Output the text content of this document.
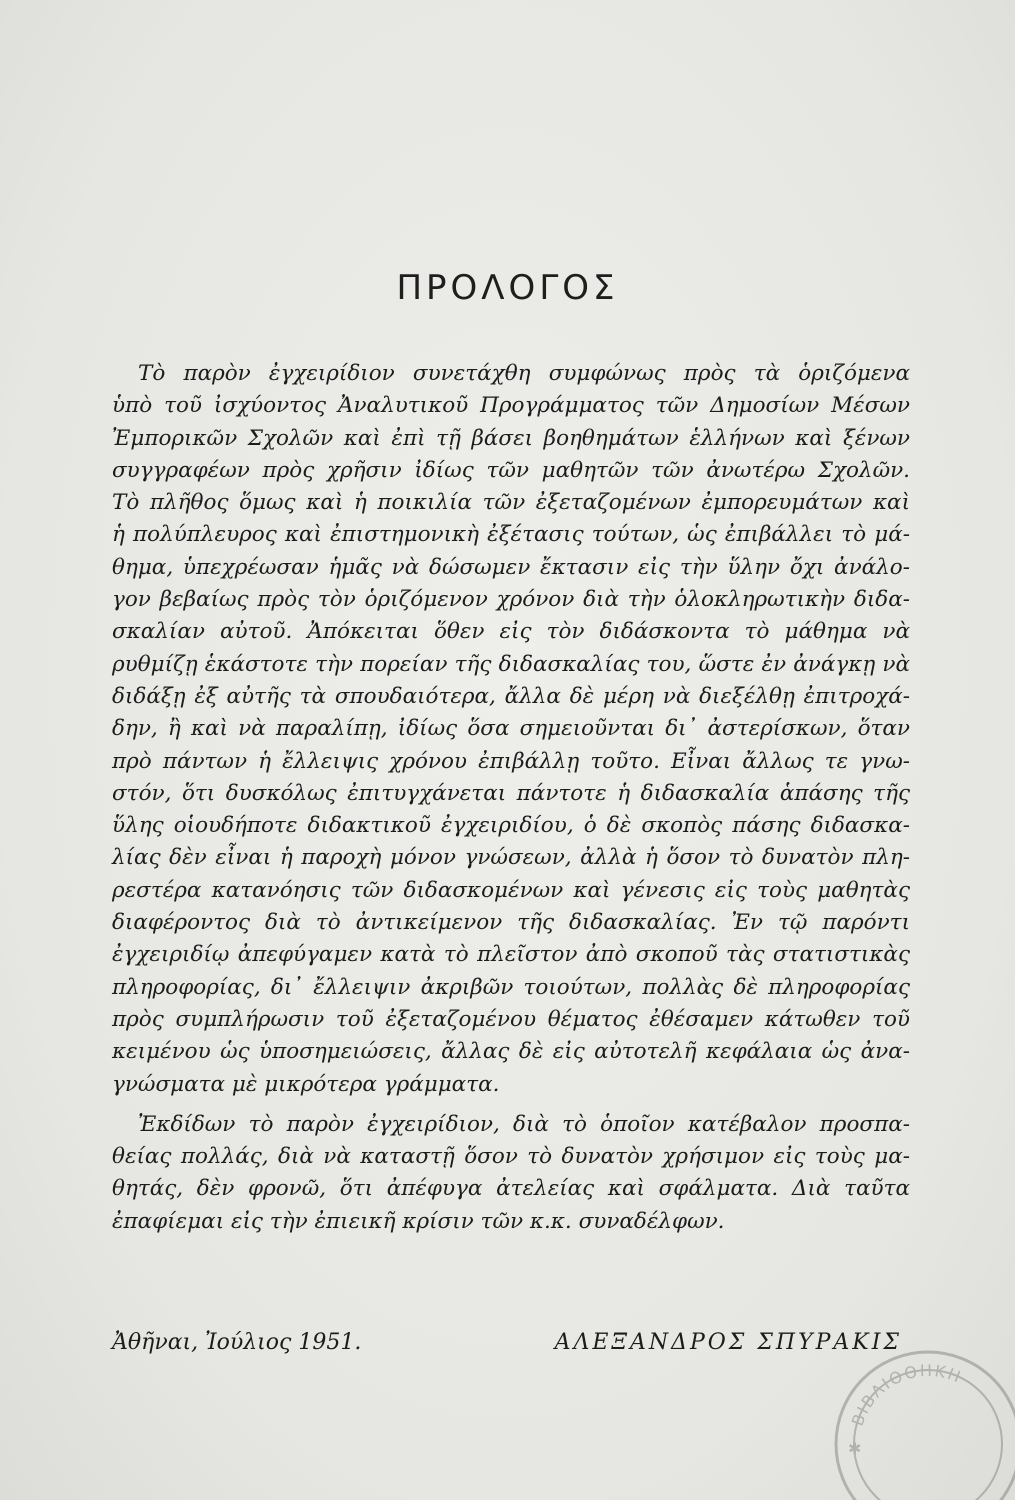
ΠΡΟΛΟΓΟΣ
Τὸ παρὸν ἐγχειρίδιον συνετάχθη συμφώνως πρὸς τὰ ὁριζόμενα
ὑπὸ τοῦ ἰσχύοντος Ἀναλυτικοῦ Προγράμματος τῶν Δημοσίων Μέσων
Ἐμπορικῶν Σχολῶν καὶ ἐπὶ τῇ βάσει βοηθημάτων ἑλλήνων καὶ ξένων
συγγραφέων πρὸς χρῆσιν ἰδίως τῶν μαθητῶν τῶν ἀνωτέρω Σχολῶν.
Τὸ πλῆθος ὅμως καὶ ἡ ποικιλία τῶν ἐξεταζομένων ἐμπορευμάτων καὶ
ἡ πολύπλευρος καὶ ἐπιστημονικὴ ἐξέτασις τούτων, ὡς ἐπιβάλλει τὸ μά-
θημα, ὑπεχρέωσαν ἡμᾶς νὰ δώσωμεν ἔκτασιν εἰς τὴν ὕλην ὄχι ἀνάλο-
γον βεβαίως πρὸς τὸν ὁριζόμενον χρόνον διὰ τὴν ὁλοκληρωτικὴν διδα-
σκαλίαν αὐτοῦ. Ἀπόκειται ὅθεν εἰς τὸν διδάσκοντα τὸ μάθημα νὰ
ρυθμίζῃ ἑκάστοτε τὴν πορείαν τῆς διδασκαλίας του, ὥστε ἐν ἀνάγκῃ νὰ
διδάξῃ ἐξ αὐτῆς τὰ σπουδαιότερα, ἄλλα δὲ μέρη νὰ διεξέλθῃ ἐπιτροχά-
δην, ἢ καὶ νὰ παραλίπῃ, ἰδίως ὅσα σημειοῦνται δι᾽ ἀστερίσκων, ὅταν
πρὸ πάντων ἡ ἔλλειψις χρόνου ἐπιβάλλῃ τοῦτο. Εἶναι ἄλλως τε γνω-
στόν, ὅτι δυσκόλως ἐπιτυγχάνεται πάντοτε ἡ διδασκαλία ἁπάσης τῆς
ὕλης οἱουδήποτε διδακτικοῦ ἐγχειριδίου, ὁ δὲ σκοπὸς πάσης διδασκα-
λίας δὲν εἶναι ἡ παροχὴ μόνον γνώσεων, ἀλλὰ ἡ ὅσον τὸ δυνατὸν πλη-
ρεστέρα κατανόησις τῶν διδασκομένων καὶ γένεσις εἰς τοὺς μαθητὰς
διαφέροντος διὰ τὸ ἀντικείμενον τῆς διδασκαλίας. Ἐν τῷ παρόντι
ἐγχειριδίῳ ἀπεφύγαμεν κατὰ τὸ πλεῖστον ἀπὸ σκοποῦ τὰς στατιστικὰς
πληροφορίας, δι᾽ ἔλλειψιν ἀκριβῶν τοιούτων, πολλὰς δὲ πληροφορίας
πρὸς συμπλήρωσιν τοῦ ἐξεταζομένου θέματος ἐθέσαμεν κάτωθεν τοῦ
κειμένου ὡς ὑποσημειώσεις, ἄλλας δὲ εἰς αὐτοτελῆ κεφάλαια ὡς ἀνα-
γνώσματα μὲ μικρότερα γράμματα.
Ἐκδίδων τὸ παρὸν ἐγχειρίδιον, διὰ τὸ ὁποῖον κατέβαλον προσπα-
θείας πολλάς, διὰ νὰ καταστῇ ὅσον τὸ δυνατὸν χρήσιμον εἰς τοὺς μα-
θητάς, δὲν φρονῶ, ὅτι ἀπέφυγα ἀτελείας καὶ σφάλματα. Διὰ ταῦτα
ἐπαφίεμαι εἰς τὴν ἐπιεικῆ κρίσιν τῶν κ.κ. συναδέλφων.
Ἀθῆναι, Ἰούλιος 1951.	ΑΛΕΞΑΝΔΡΟΣ ΣΠΥΡΑΚΙΣ
ΒΙΒΛΙΟΘΗΚΗ
✱
